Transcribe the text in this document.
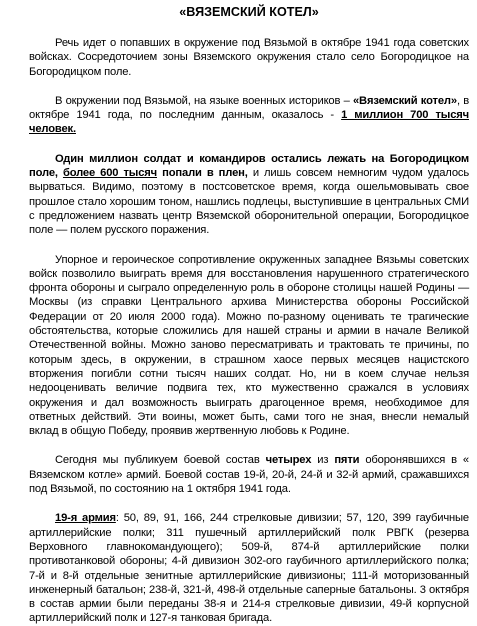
«ВЯЗЕМСКИЙ КОТЕЛ»

Речь идет о попавших в окружение под Вязьмой в октябре 1941 года советских войсках. Сосредоточием зоны Вяземского окружения стало село Богородицкое на Богородицком поле.

В окружении под Вязьмой, на языке военных историков – «Вяземский котел», в октябре 1941 года, по последним данным, оказалось - 1 миллион 700 тысяч человек.

Один миллион солдат и командиров остались лежать на Богородицком поле, более 600 тысяч попали в плен, и лишь совсем немногим чудом удалось вырваться. Видимо, поэтому в постсоветское время, когда ошельмовывать свое прошлое стало хорошим тоном, нашлись подлецы, выступившие в центральных СМИ с предложением назвать центр Вяземской оборонительной операции, Богородицкое поле — полем русского поражения.

Упорное и героическое сопротивление окруженных западнее Вязьмы советских войск позволило выиграть время для восстановления нарушенного стратегического фронта обороны и сыграло определенную роль в обороне столицы нашей Родины — Москвы (из справки Центрального архива Министерства обороны Российской Федерации от 20 июля 2000 года). Можно по-разному оценивать те трагические обстоятельства, которые сложились для нашей страны и армии в начале Великой Отечественной войны. Можно заново пересматривать и трактовать те причины, по которым здесь, в окружении, в страшном хаосе первых месяцев нацистского вторжения погибли сотни тысяч наших солдат. Но, ни в коем случае нельзя недооценивать величие подвига тех, кто мужественно сражался в условиях окружения и дал возможность выиграть драгоценное время, необходимое для ответных действий. Эти воины, может быть, сами того не зная, внесли немалый вклад в общую Победу, проявив жертвенную любовь к Родине.

Сегодня мы публикуем боевой состав четырех из пяти оборонявшихся в « Вяземском котле» армий. Боевой состав 19-й, 20-й, 24-й и 32-й армий, сражавшихся под Вязьмой, по состоянию на 1 октября 1941 года.

19-я армия: 50, 89, 91, 166, 244 стрелковые дивизии; 57, 120, 399 гаубичные артиллерийские полки; 311 пушечный артиллерийский полк РВГК (резерва Верховного главнокомандующего); 509-й, 874-й артиллерийские полки противотанковой обороны; 4-й дивизион 302-ого гаубичного артиллерийского полка; 7-й и 8-й отдельные зенитные артиллерийские дивизионы; 111-й моторизованный инженерный батальон; 238-й, 321-й, 498-й отдельные саперные батальоны. 3 октября в состав армии были переданы 38-я и 214-я стрелковые дивизии, 49-й корпусной артиллерийский полк и 127-я танковая бригада.
